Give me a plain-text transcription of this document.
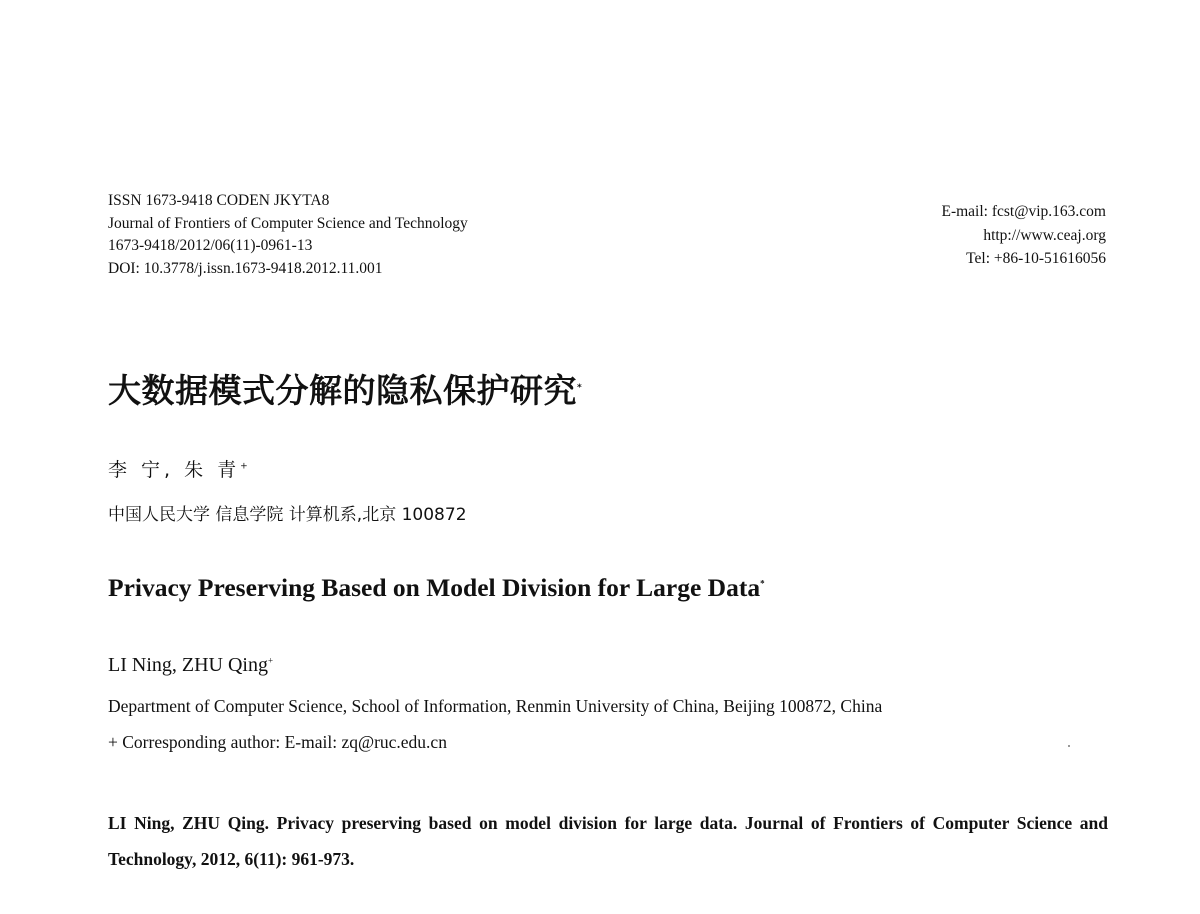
ISSN 1673-9418 CODEN JKYTA8
Journal of Frontiers of Computer Science and Technology
1673-9418/2012/06(11)-0961-13
DOI: 10.3778/j.issn.1673-9418.2012.11.001
E-mail: fcst@vip.163.com
http://www.ceaj.org
Tel: +86-10-51616056
大数据模式分解的隐私保护研究*
李 宁, 朱 青+
中国人民大学 信息学院 计算机系,北京 100872
Privacy Preserving Based on Model Division for Large Data*
LI Ning, ZHU Qing+
Department of Computer Science, School of Information, Renmin University of China, Beijing 100872, China
+ Corresponding author: E-mail: zq@ruc.edu.cn
LI Ning, ZHU Qing. Privacy preserving based on model division for large data. Journal of Frontiers of Computer Science and Technology, 2012, 6(11): 961-973.
